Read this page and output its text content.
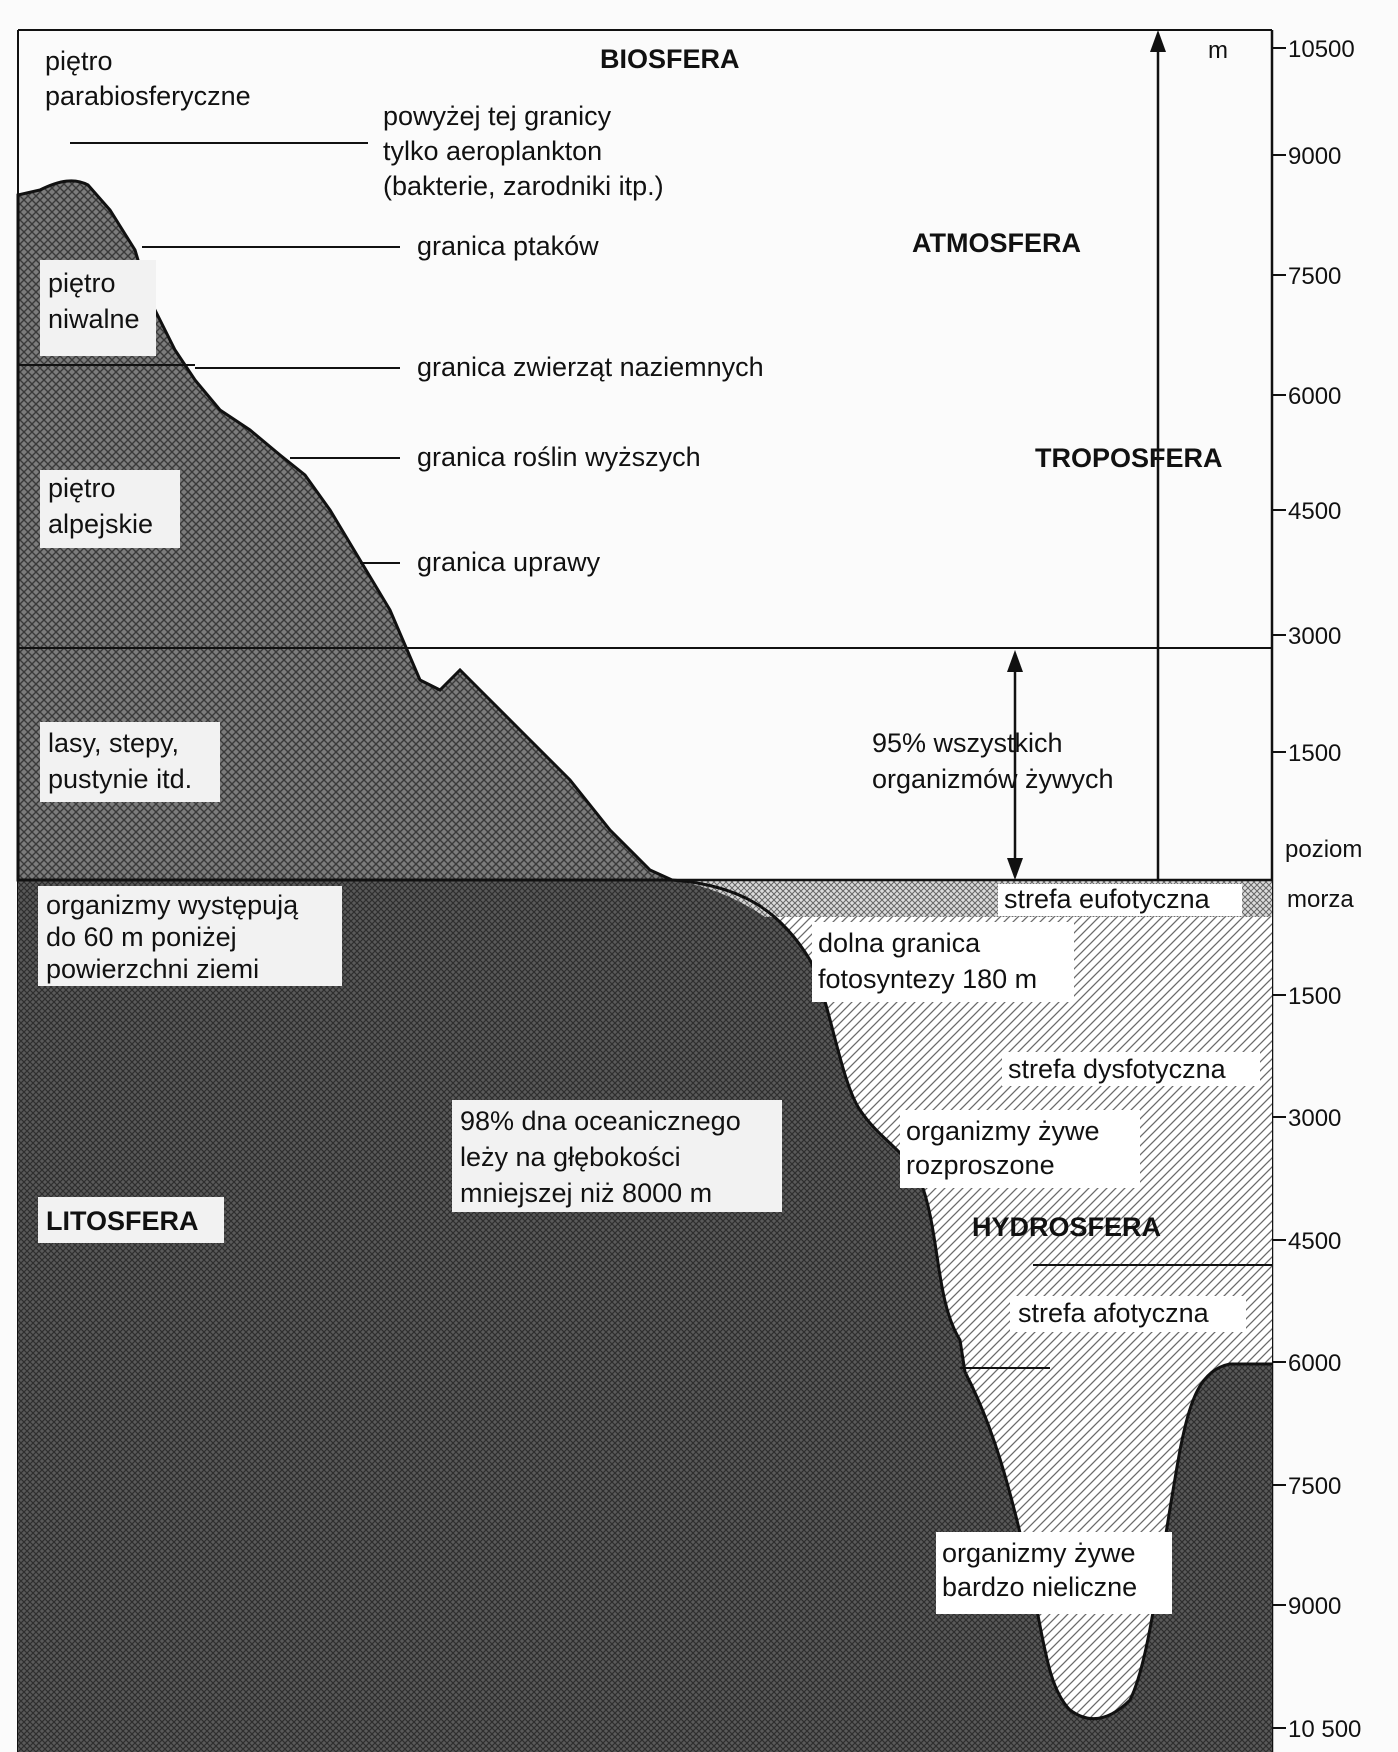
piętro
parabiosferyczne
piętro
niwalne
piętro
alpejskie
lasy, stepy,
pustynie itd.
powyżej tej granicy
tylko aeroplankton
(bakterie, zarodniki itp.)
granica ptaków
granica zwierząt naziemnych
granica roślin wyższych
granica uprawy
BIOSFERA
ATMOSFERA
TROPOSFERA
HYDROSFERA
LITOSFERA
95% wszystkich
organizmów żywych
organizmy występują
do 60 m poniżej
powierzchni ziemi
98% dna oceanicznego
leży na głębokości
mniejszej niż 8000 m
dolna granica
fotosyntezy 180 m
organizmy żywe
rozproszone
organizmy żywe
bardzo nieliczne
strefa eufotyczna
strefa dysfotyczna
strefa afotyczna
m
poziom
morza
10500
9000
7500
6000
4500
3000
1500
1500
3000
4500
6000
7500
9000
10 500
